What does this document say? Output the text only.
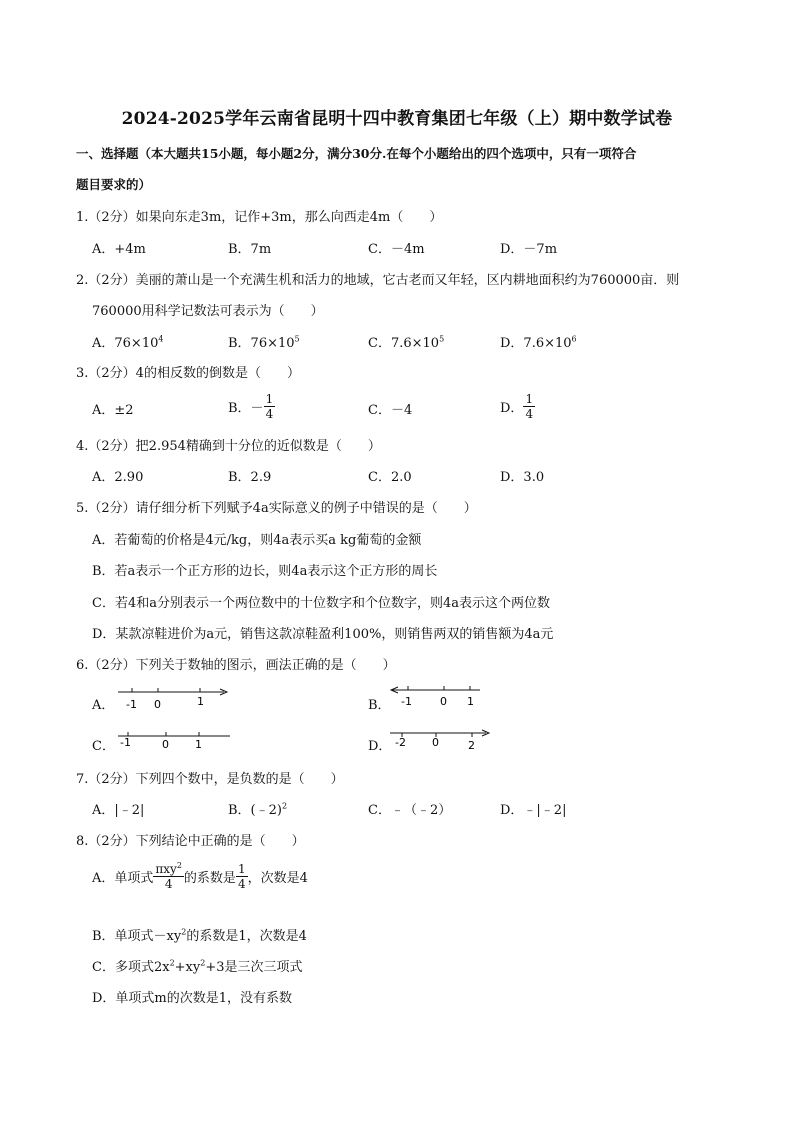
2024-2025学年云南省昆明十四中教育集团七年级（上）期中数学试卷
一、选择题（本大题共15小题，每小题2分，满分30分.在每个小题给出的四个选项中，只有一项符合
题目要求的）
1.（2分）如果向东走3m，记作+3m，那么向西走4m（　　）
A．+4m	B．7m	C．－4m	D．－7m
2.（2分）美丽的萧山是一个充满生机和活力的地域，它古老而又年轻，区内耕地面积约为760000亩．则
760000用科学记数法可表示为（　　）
A．$76\times 10^4$	B．$76\times 10^5$	C．$7.6\times 10^5$	D．$7.6\times 10^6$
3.（2分）4的相反数的倒数是（　　）
A．±2	B．－ $\frac{1}{4}$	C．－4	D． $\frac{1}{4}$
4.（2分）把2.954精确到十分位的近似数是（　　）
A．2.90	B．2.9	C．2.0	D．3.0
5.（2分）请仔细分析下列赋予4a实际意义的例子中错误的是（　　）
A．若葡萄的价格是4元/kg，则4a表示买a kg葡萄的金额
B．若a表示一个正方形的边长，则4a表示这个正方形的周长
C．若4和a分别表示一个两位数中的十位数字和个位数字，则4a表示这个两位数
D．某款凉鞋进价为a元，销售这款凉鞋盈利100%，则销售两双的销售额为4a元
6.（2分）下列关于数轴的图示，画法正确的是（　　）
A． -1 0	1	B． -1	0 1
C． -1	0 1	D． -2 0	2
7.（2分）下列四个数中，是负数的是（　　）
A．|﹣2|	B．(﹣2)$^2$	C．﹣（﹣2）	D．﹣|﹣2|
8.（2分）下列结论中正确的是（　　）
A．单项式 $\frac{\pi xy^2}{4}$ 的系数是 $\frac{1}{4}$ ，次数是4
B．单项式$-xy^2$的系数是1，次数是4
C．多项式$2x^2+xy^2+3$是三次三项式
D．单项式m的次数是1，没有系数
